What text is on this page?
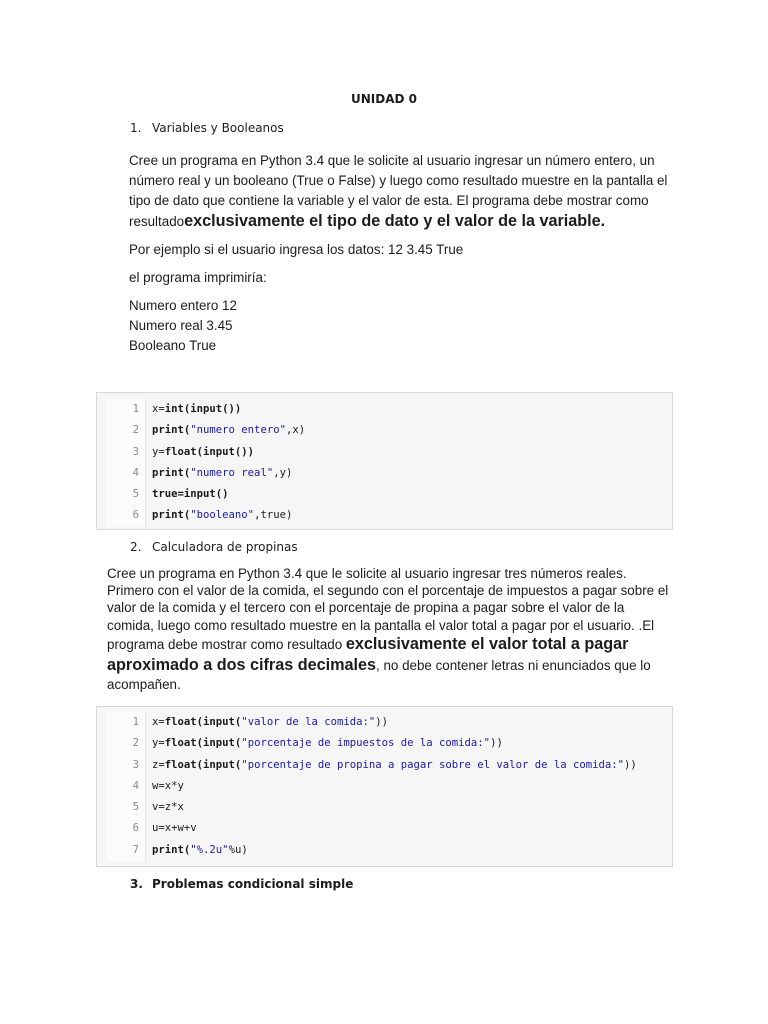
UNIDAD 0
1. Variables y Booleanos

Cree un programa en Python 3.4 que le solicite al usuario ingresar un número entero, un
número real y un booleano (True o False) y luego como resultado muestre en la pantalla el
tipo de dato que contiene la variable y el valor de esta. El programa debe mostrar como
resultadoexclusivamente el tipo de dato y el valor de la variable.

Por ejemplo si el usuario ingresa los datos: 12 3.45 True

el programa imprimiría:

Numero entero 12
Numero real 3.45
Booleano True

1 x=int(input())
2 print("numero entero",x)
3 y=float(input())
4 print("numero real",y)
5 true=input()
6 print("booleano",true)
2. Calculadora de propinas

Cree un programa en Python 3.4 que le solicite al usuario ingresar tres números reales.
Primero con el valor de la comida, el segundo con el porcentaje de impuestos a pagar sobre el
valor de la comida y el tercero con el porcentaje de propina a pagar sobre el valor de la
comida, luego como resultado muestre en la pantalla el valor total a pagar por el usuario. .El
programa debe mostrar como resultado exclusivamente el valor total a pagar
aproximado a dos cifras decimales, no debe contener letras ni enunciados que lo
acompañen.

1 x=float(input("valor de la comida:"))
2 y=float(input("porcentaje de impuestos de la comida:"))
3 z=float(input("porcentaje de propina a pagar sobre el valor de la comida:"))
4 w=x*y
5 v=z*x
6 u=x+w+v
7 print("%.2u"%u)
3. Problemas condicional simple
